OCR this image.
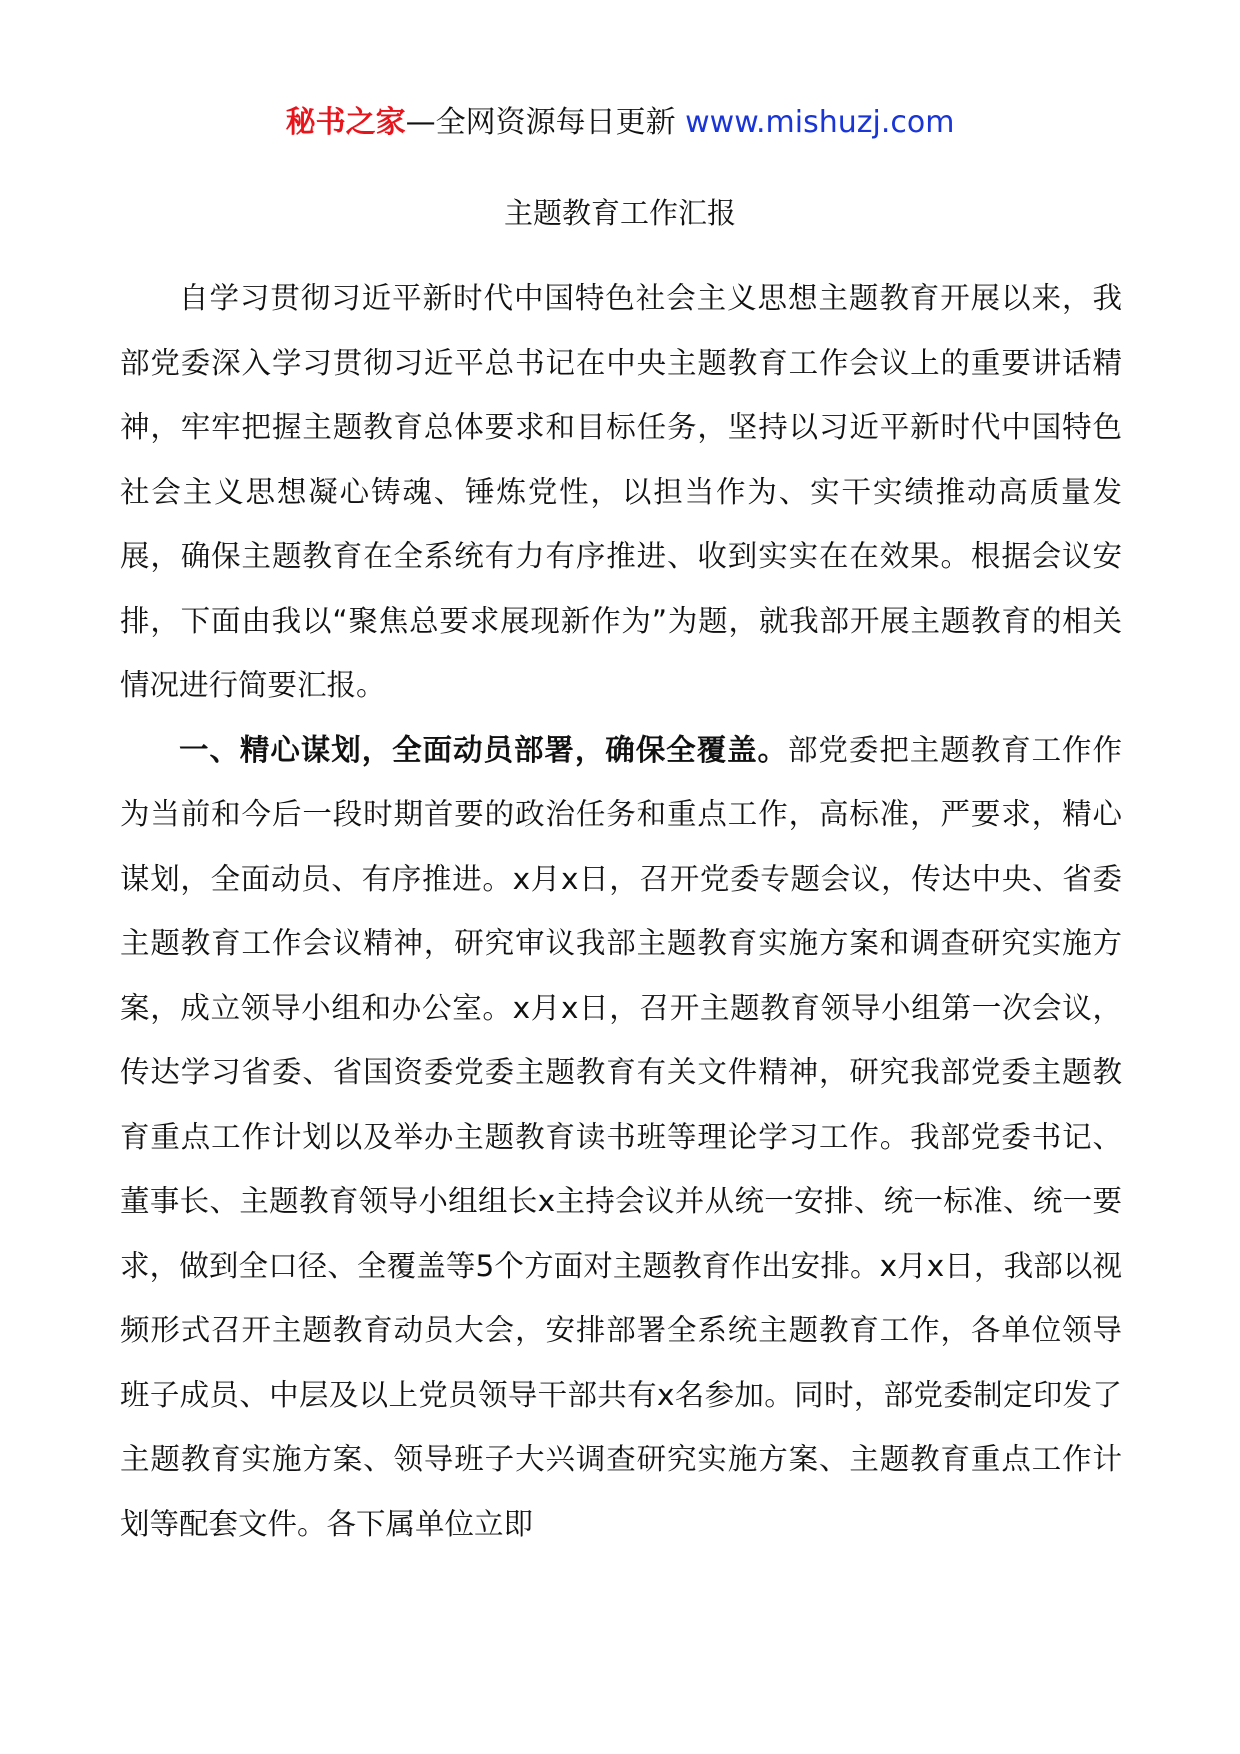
秘书之家—全网资源每日更新 www.mishuzj.com
主题教育工作汇报

自学习贯彻习近平新时代中国特色社会主义思想主题教育开展以来，我部党委深入学习贯彻习近平总书记在中央主题教育工作会议上的重要讲话精神，牢牢把握主题教育总体要求和目标任务，坚持以习近平新时代中国特色社会主义思想凝心铸魂、锤炼党性，以担当作为、实干实绩推动高质量发展，确保主题教育在全系统有力有序推进、收到实实在在效果。根据会议安排，下面由我以“聚焦总要求展现新作为”为题，就我部开展主题教育的相关情况进行简要汇报。

一、精心谋划，全面动员部署，确保全覆盖。部党委把主题教育工作作为当前和今后一段时期首要的政治任务和重点工作，高标准，严要求，精心谋划，全面动员、有序推进。x月x日，召开党委专题会议，传达中央、省委主题教育工作会议精神，研究审议我部主题教育实施方案和调查研究实施方案，成立领导小组和办公室。x月x日，召开主题教育领导小组第一次会议，传达学习省委、省国资委党委主题教育有关文件精神，研究我部党委主题教育重点工作计划以及举办主题教育读书班等理论学习工作。我部党委书记、董事长、主题教育领导小组组长x主持会议并从统一安排、统一标准、统一要求，做到全口径、全覆盖等5个方面对主题教育作出安排。x月x日，我部以视频形式召开主题教育动员大会，安排部署全系统主题教育工作，各单位领导班子成员、中层及以上党员领导干部共有x名参加。同时，部党委制定印发了主题教育实施方案、领导班子大兴调查研究实施方案、主题教育重点工作计划等配套文件。各下属单位立即
